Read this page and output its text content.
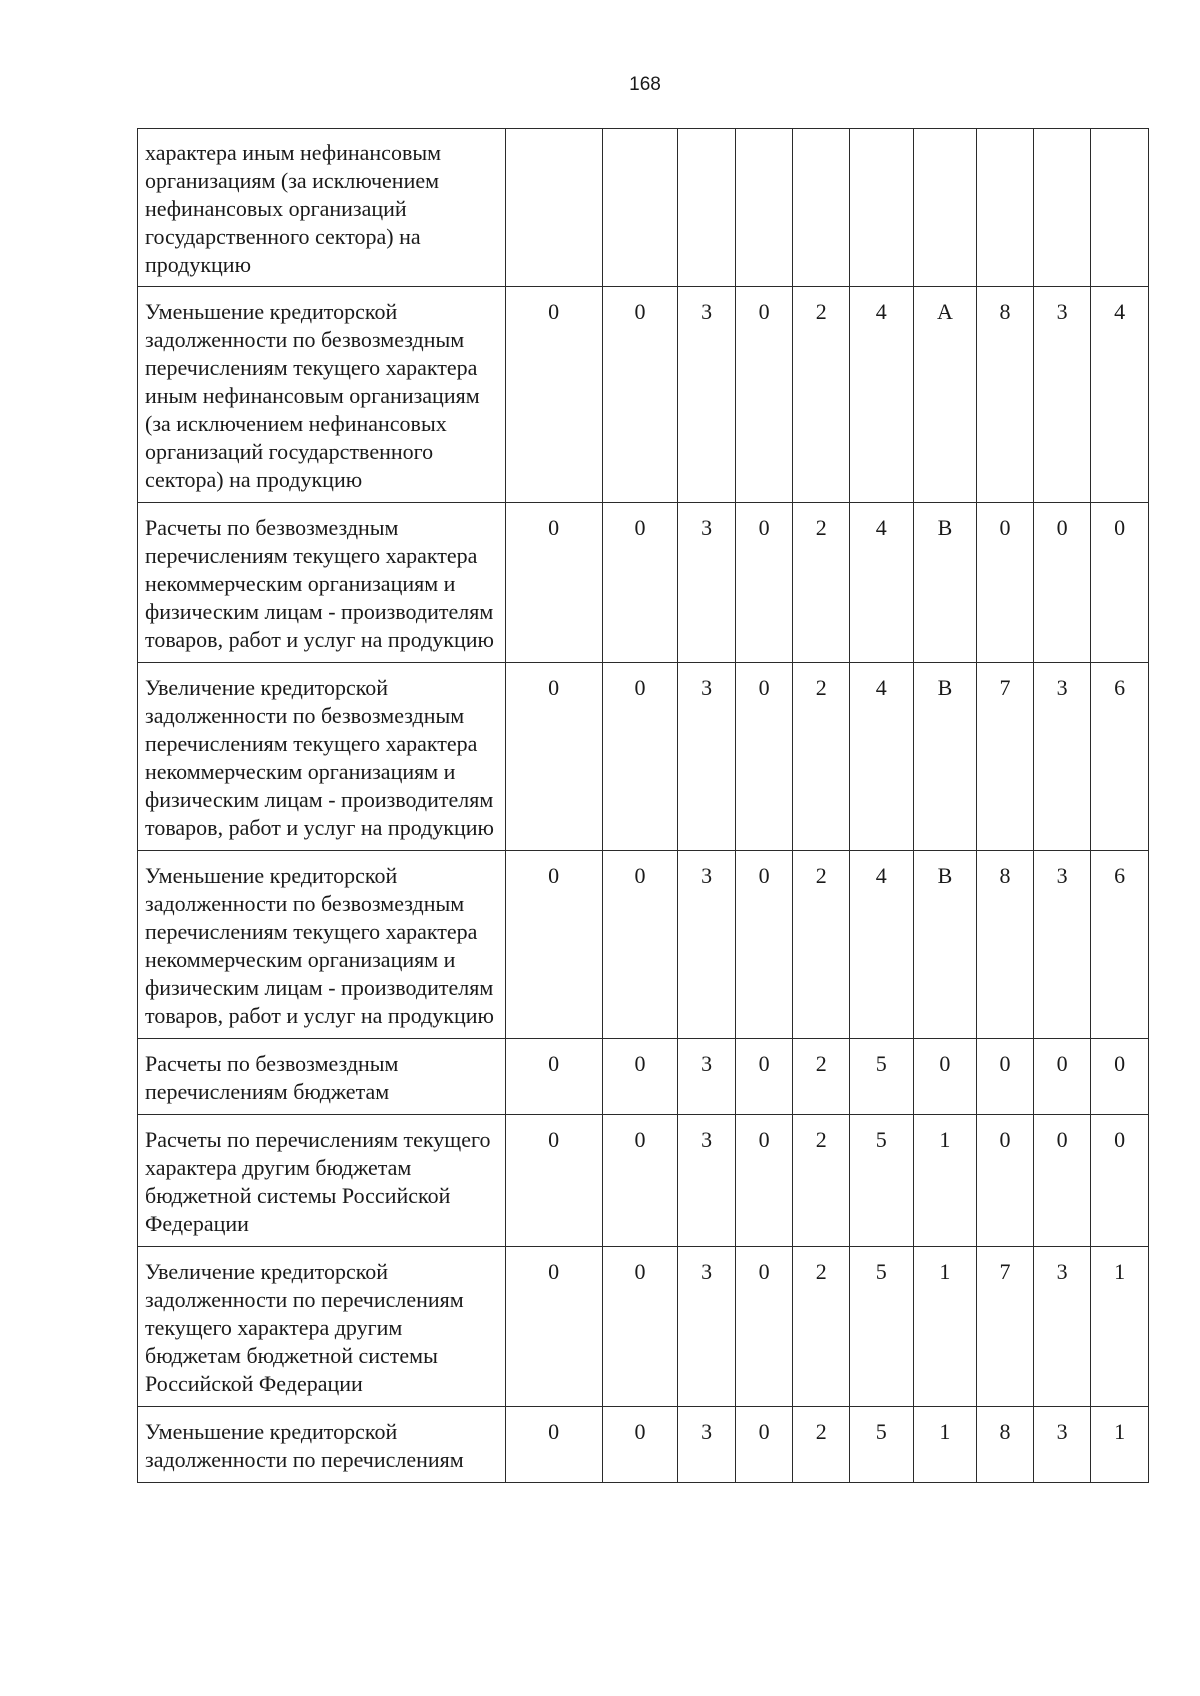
168
характера иным нефинансовым организациям (за исключением нефинансовых организаций государственного сектора) на продукцию										
Уменьшение кредиторской задолженности по безвозмездным перечислениям текущего характера иным нефинансовым организациям (за исключением нефинансовых организаций государственного сектора) на продукцию	0	0	3	0	2	4	A	8	3	4
Расчеты по безвозмездным перечислениям текущего характера некоммерческим организациям и физическим лицам - производителям товаров, работ и услуг на продукцию	0	0	3	0	2	4	B	0	0	0
Увеличение кредиторской задолженности по безвозмездным перечислениям текущего характера некоммерческим организациям и физическим лицам - производителям товаров, работ и услуг на продукцию	0	0	3	0	2	4	B	7	3	6
Уменьшение кредиторской задолженности по безвозмездным перечислениям текущего характера некоммерческим организациям и физическим лицам - производителям товаров, работ и услуг на продукцию	0	0	3	0	2	4	B	8	3	6
Расчеты по безвозмездным перечислениям бюджетам	0	0	3	0	2	5	0	0	0	0
Расчеты по перечислениям текущего характера другим бюджетам бюджетной системы Российской Федерации	0	0	3	0	2	5	1	0	0	0
Увеличение кредиторской задолженности по перечислениям текущего характера другим бюджетам бюджетной системы Российской Федерации	0	0	3	0	2	5	1	7	3	1
Уменьшение кредиторской задолженности по перечислениям	0	0	3	0	2	5	1	8	3	1
